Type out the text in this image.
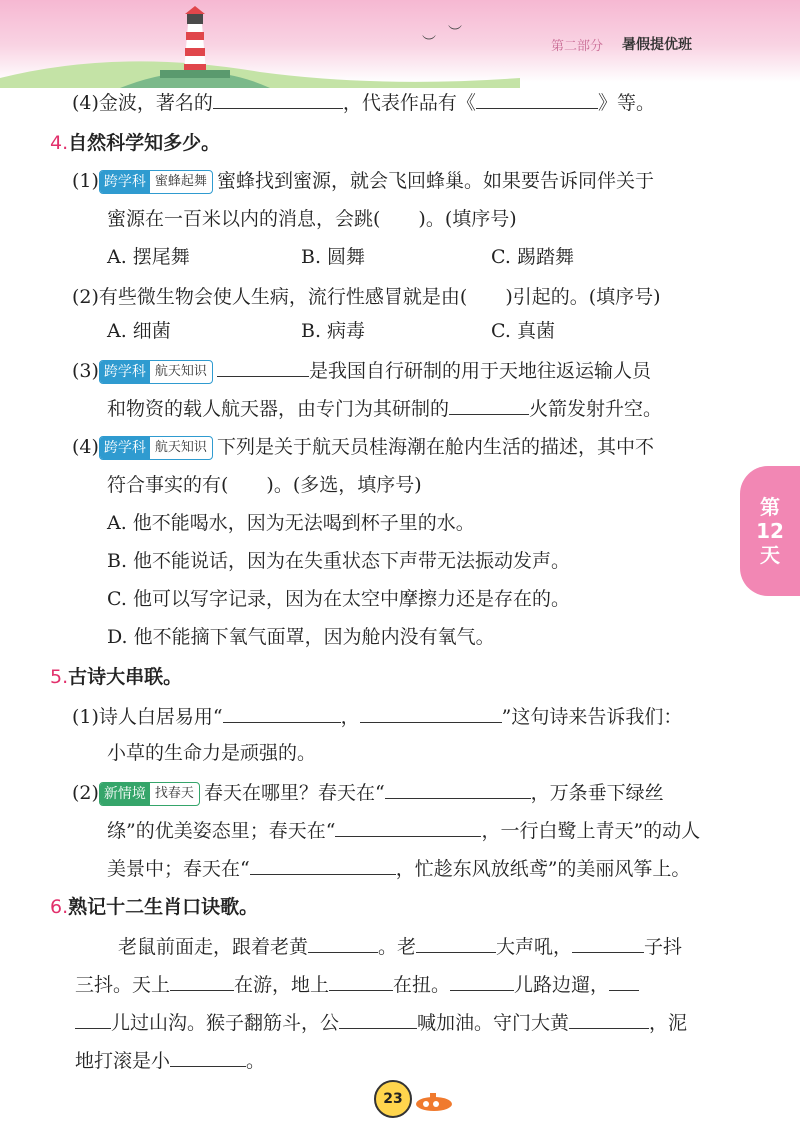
︶
︶
第二部分 暑假提优班
(4)金波，著名的	，代表作品有《	》等。
4.自然科学知多少。
(1) 跨学科 蜜蜂起舞 蜜蜂找到蜜源，就会飞回蜂巢。如果要告诉同伴关于
蜜源在一百米以内的消息，会跳(　　)。(填序号)
A. 摆尾舞	B. 圆舞	C. 踢踏舞
(2)有些微生物会使人生病，流行性感冒就是由(　　)引起的。(填序号)
A. 细菌	B. 病毒	C. 真菌
(3) 跨学科 航天知识	是我国自行研制的用于天地往返运输人员
和物资的载人航天器，由专门为其研制的	火箭发射升空。
(4) 跨学科 航天知识 下列是关于航天员桂海潮在舱内生活的描述，其中不
符合事实的有(　　)。(多选，填序号)
A. 他不能喝水，因为无法喝到杯子里的水。
B. 他不能说话，因为在失重状态下声带无法振动发声。
C. 他可以写字记录，因为在太空中摩擦力还是存在的。
D. 他不能摘下氧气面罩，因为舱内没有氧气。
5.古诗大串联。
(1)诗人白居易用“	，	”这句诗来告诉我们：
小草的生命力是顽强的。
(2) 新情境 找春天 春天在哪里？春天在“	，万条垂下绿丝
绦”的优美姿态里；春天在“	，一行白鹭上青天”的动人
美景中；春天在“	，忙趁东风放纸鸢”的美丽风筝上。
6.熟记十二生肖口诀歌。
老鼠前面走，跟着老黄	。老	大声吼，	子抖
三抖。天上	在游，地上	在扭。	儿路边遛，
儿过山沟。猴子翻筋斗，公	喊加油。守门大黄	，泥
地打滚是小	。
第
12
天
23
